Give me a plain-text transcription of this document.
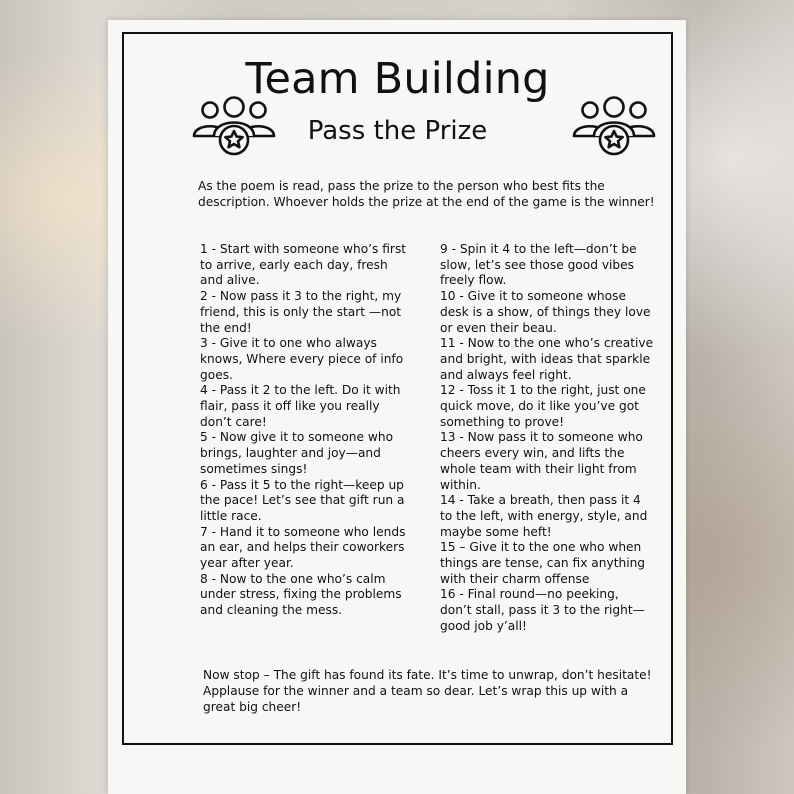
Team Building
Pass the Prize

As the poem is read, pass the prize to the person who best fits the description. Whoever holds the prize at the end of the game is the winner!

1 - Start with someone who’s first to arrive, early each day, fresh and alive.
2 - Now pass it 3 to the right, my friend, this is only the start —not the end!
3 - Give it to one who always knows, Where every piece of info goes.
4 - Pass it 2 to the left. Do it with flair, pass it off like you really don’t care!
5 - Now give it to someone who brings, laughter and joy—and sometimes sings!
6 - Pass it 5 to the right—keep up the pace! Let’s see that gift run a little race.
7 - Hand it to someone who lends an ear, and helps their coworkers year after year.
8 - Now to the one who’s calm under stress, fixing the problems and cleaning the mess.
9 - Spin it 4 to the left—don’t be slow, let’s see those good vibes freely flow.
10 - Give it to someone whose desk is a show, of things they love or even their beau.
11 - Now to the one who’s creative and bright, with ideas that sparkle and always feel right.
12 - Toss it 1 to the right, just one quick move, do it like you’ve got something to prove!
13 - Now pass it to someone who cheers every win, and lifts the whole team with their light from within.
14 - Take a breath, then pass it 4 to the left, with energy, style, and maybe some heft!
15 – Give it to the one who when things are tense, can fix anything with their charm offense
16 - Final round—no peeking, don’t stall, pass it 3 to the right—good job y’all!

Now stop – The gift has found its fate. It’s time to unwrap, don’t hesitate! Applause for the winner and a team so dear. Let’s wrap this up with a great big cheer!
